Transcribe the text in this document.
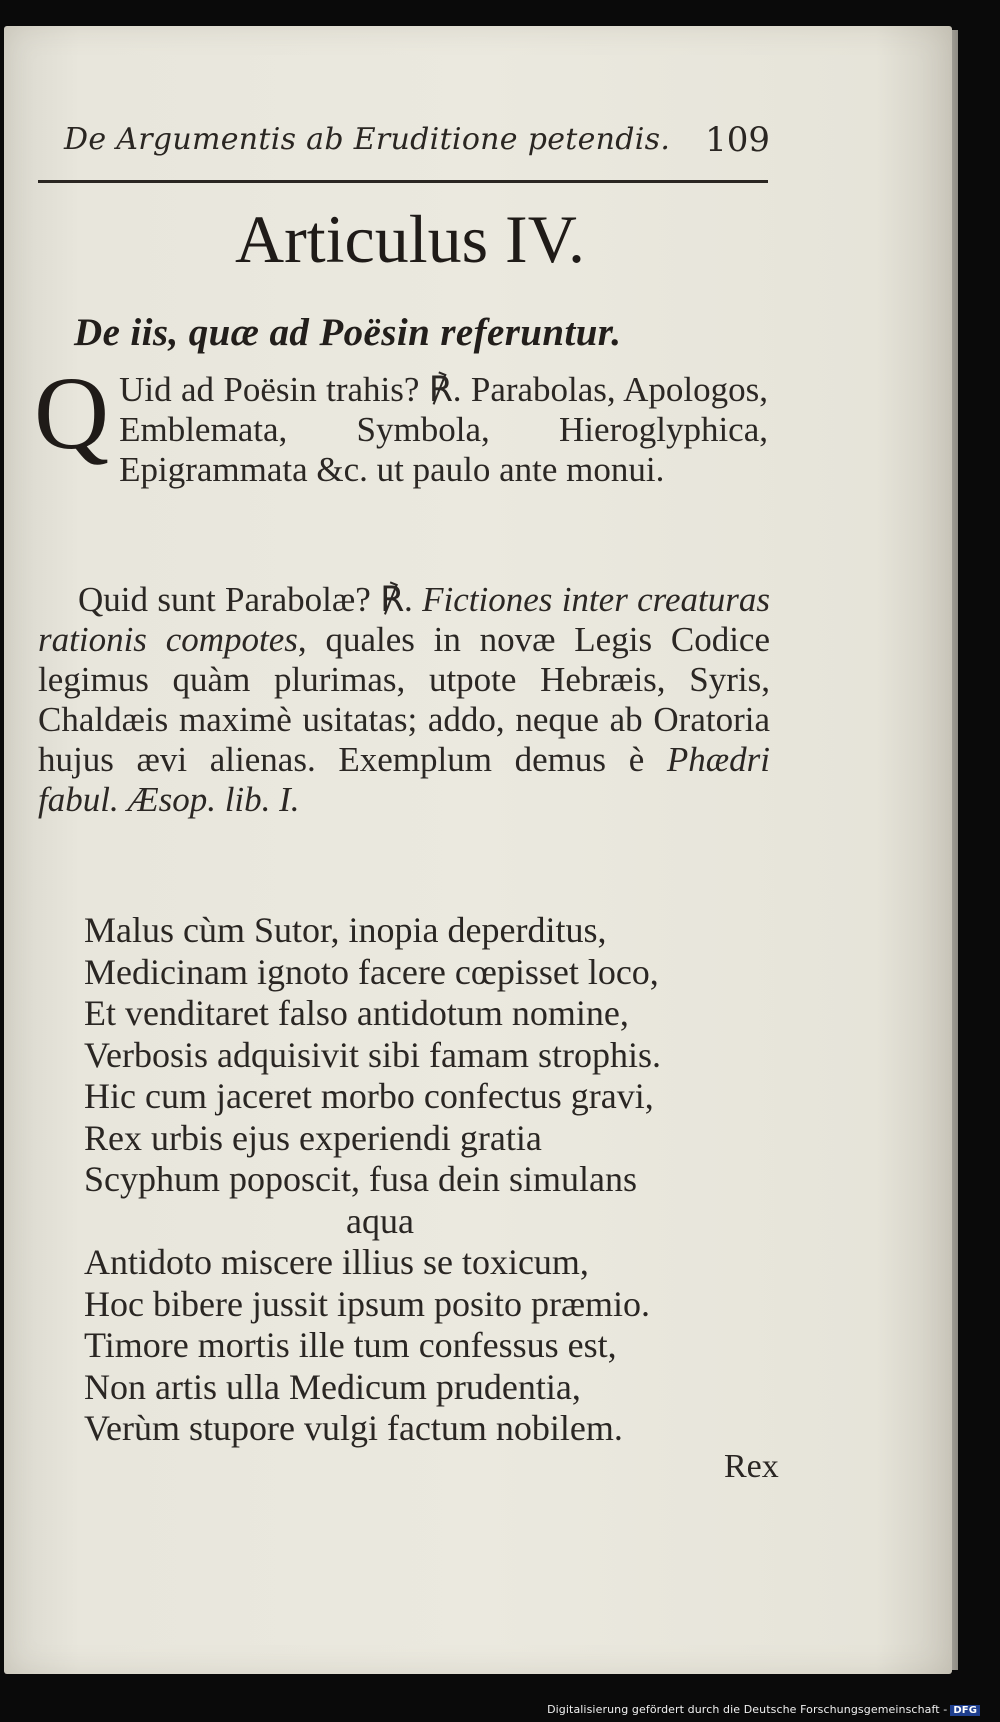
De Argumentis ab Eruditione petendis. 109
Articulus IV.
De iis, quæ ad Poësin referuntur.
Q Uid ad Poësin trahis? ℟. Parabolas, Apologos, Emblemata, Symbola, Hieroglyphica, Epigrammata &c. ut paulo ante monui.
Quid sunt Parabolæ? ℟. Fictiones inter creaturas rationis compotes, quales in novæ Legis Codice legimus quàm plurimas, utpote Hebræis, Syris, Chaldæis maximè usitatas; addo, neque ab Oratoria hujus ævi alienas. Exemplum demus è Phædri fabul. Æsop. lib. I.
Malus cùm Sutor, inopia deperditus,
Medicinam ignoto facere cœpisset loco,
Et venditaret falso antidotum nomine,
Verbosis adquisivit sibi famam strophis.
Hic cum jaceret morbo confectus gravi,
Rex urbis ejus experiendi gratia
Scyphum poposcit, fusa dein simulans
aqua
Antidoto miscere illius se toxicum,
Hoc bibere jussit ipsum posito præmio.
Timore mortis ille tum confessus est,
Non artis ulla Medicum prudentia,
Verùm stupore vulgi factum nobilem.
Rex
Digitalisierung gefördert durch die Deutsche Forschungsgemeinschaft - DFG
